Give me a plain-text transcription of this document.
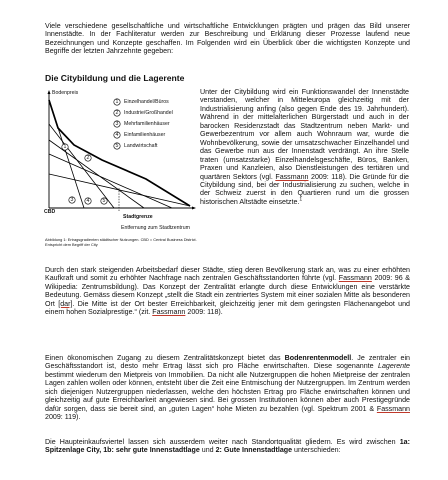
Viele verschiedene gesellschaftliche und wirtschaftliche Entwicklungen prägten und prägen das Bild unserer Innenstädte. In der Fachliteratur werden zur Beschreibung und Erklärung dieser Prozesse laufend neue Bezeichnungen und Konzepte geschaffen. Im Folgenden wird ein Überblick über die wichtigsten Konzepte und Begriffe der letzten Jahrzehnte gegeben:

Die Citybildung und die Lagerente
Bodenpreis
1
2
3
4
5
Einzelhandel/Büros
Industrie/Großhandel
Mehrfamilienhäuser
Einfamilienhäuser
Landwirtschaft
1
2
3	4	5
CBD
Stadtgrenze
Entfernung zum Stadtzentrum
Abbildung 1: Ertragsgradienten städtischer Nutzungen. CBD = Central Business District. Entspricht dem Begriff der City

Unter der Citybildung wird ein Funktionswandel der Innenstädte verstanden, welcher in Mitteleuropa gleichzeitig mit der Industrialisierung anfing (also gegen Ende des 19. Jahrhundert). Während in der mittelalterlichen Bürgerstadt und auch in der barocken Residenzstadt das Stadtzentrum neben Markt- und Gewerbezentrum vor allem auch Wohnraum war, wurde die Wohnbevölkerung, sowie der umsatzschwacher Einzelhandel und das Gewerbe nun aus der Innenstadt verdrängt. An ihre Stelle traten (umsatzstarke) Einzelhandelsgeschäfte, Büros, Banken, Praxen und Kanzleien, also Dienstleistungen des tertiären und quartären Sektors (vgl. Fassmann 2009: 118). Die Gründe für die Citybildung sind, bei der Industrialisierung zu suchen, welche in der Schweiz zuerst in den Quartieren rund um die grossen historischen Altstädte einsetzte.$^1$

Durch den stark steigenden Arbeitsbedarf dieser Städte, stieg deren Bevölkerung stark an, was zu einer erhöhten Kaufkraft und somit zu erhöhter Nachfrage nach zentralen Geschäftsstandorten führte (vgl. Fassmann 2009: 96 & Wikipedia: Zentrumsbildung). Das Konzept der Zentralität erlangte durch diese Entwicklungen eine verstärkte Bedeutung. Gemäss diesem Konzept „stellt die Stadt ein zentriertes System mit einer sozialen Mitte als besonderen Ort [dar]. Die Mitte ist der Ort bester Erreichbarkeit, gleichzeitig jener mit dem geringsten Flächenangebot und einem hohen Sozialprestige.“ (zit. Fassmann 2009: 118).

Einen ökonomischen Zugang zu diesem Zentralitätskonzept bietet das Bodenrentenmodell. Je zentraler ein Geschäftsstandort ist, desto mehr Ertrag lässt sich pro Fläche erwirtschaften. Diese sogenannte Lagerente bestimmt wiederum den Mietpreis von Immobilien. Da nicht alle Nutzergruppen die hohen Mietpreise der zentralen Lagen zahlen wollen oder können, entsteht über die Zeit eine Entmischung der Nutzergruppen. Im Zentrum werden sich diejenigen Nutzergruppen niederlassen, welche den höchsten Ertrag pro Fläche erwirtschaften können und gleichzeitig auf gute Erreichbarkeit angewiesen sind. Bei grossen Institutionen können aber auch Prestigegründe dafür sorgen, dass sie bereit sind, an „guten Lagen“ hohe Mieten zu bezahlen (vgl. Spektrum 2001 & Fassmann 2009: 119).

Die Haupteinkaufsviertel lassen sich ausserdem weiter nach Standortqualität gliedern. Es wird zwischen 1a: Spitzenlage City, 1b: sehr gute Innenstadtlage und 2: Gute Innenstadtlage unterschieden:
